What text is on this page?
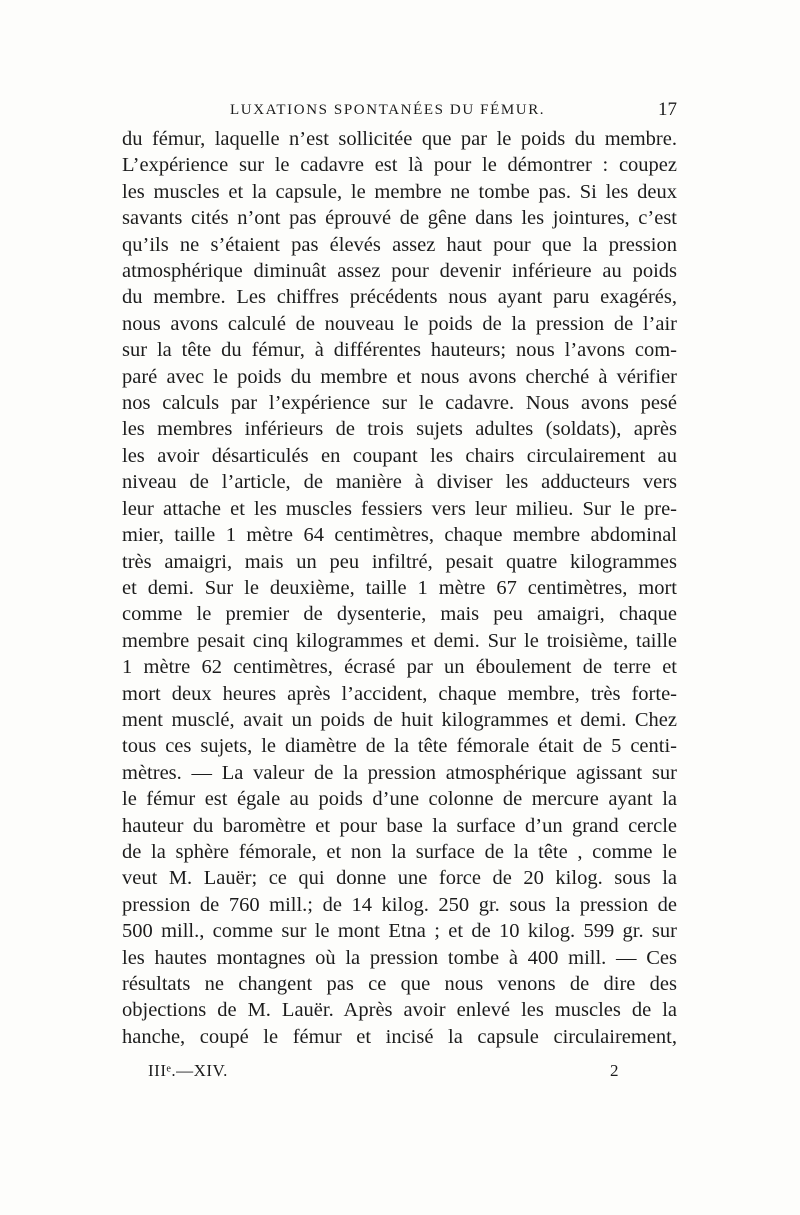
LUXATIONS SPONTANÉES DU FÉMUR.	17
du fémur, laquelle n’est sollicitée que par le poids du membre.
L’expérience sur le cadavre est là pour le démontrer : coupez
les muscles et la capsule, le membre ne tombe pas. Si les deux
savants cités n’ont pas éprouvé de gêne dans les jointures, c’est
qu’ils ne s’étaient pas élevés assez haut pour que la pression
atmosphérique diminuât assez pour devenir inférieure au poids
du membre. Les chiffres précédents nous ayant paru exagérés,
nous avons calculé de nouveau le poids de la pression de l’air
sur la tête du fémur, à différentes hauteurs; nous l’avons com-
paré avec le poids du membre et nous avons cherché à vérifier
nos calculs par l’expérience sur le cadavre. Nous avons pesé
les membres inférieurs de trois sujets adultes (soldats), après
les avoir désarticulés en coupant les chairs circulairement au
niveau de l’article, de manière à diviser les adducteurs vers
leur attache et les muscles fessiers vers leur milieu. Sur le pre-
mier, taille 1 mètre 64 centimètres, chaque membre abdominal
très amaigri, mais un peu infiltré, pesait quatre kilogrammes
et demi. Sur le deuxième, taille 1 mètre 67 centimètres, mort
comme le premier de dysenterie, mais peu amaigri, chaque
membre pesait cinq kilogrammes et demi. Sur le troisième, taille
1 mètre 62 centimètres, écrasé par un éboulement de terre et
mort deux heures après l’accident, chaque membre, très forte-
ment musclé, avait un poids de huit kilogrammes et demi. Chez
tous ces sujets, le diamètre de la tête fémorale était de 5 centi-
mètres. — La valeur de la pression atmosphérique agissant sur
le fémur est égale au poids d’une colonne de mercure ayant la
hauteur du baromètre et pour base la surface d’un grand cercle
de la sphère fémorale, et non la surface de la tête , comme le
veut M. Lauër; ce qui donne une force de 20 kilog. sous la
pression de 760 mill.; de 14 kilog. 250 gr. sous la pression de
500 mill., comme sur le mont Etna ; et de 10 kilog. 599 gr. sur
les hautes montagnes où la pression tombe à 400 mill. — Ces
résultats ne changent pas ce que nous venons de dire des
objections de M. Lauër. Après avoir enlevé les muscles de la
hanche, coupé le fémur et incisé la capsule circulairement,
IIIᵉ.—XIV.	2
